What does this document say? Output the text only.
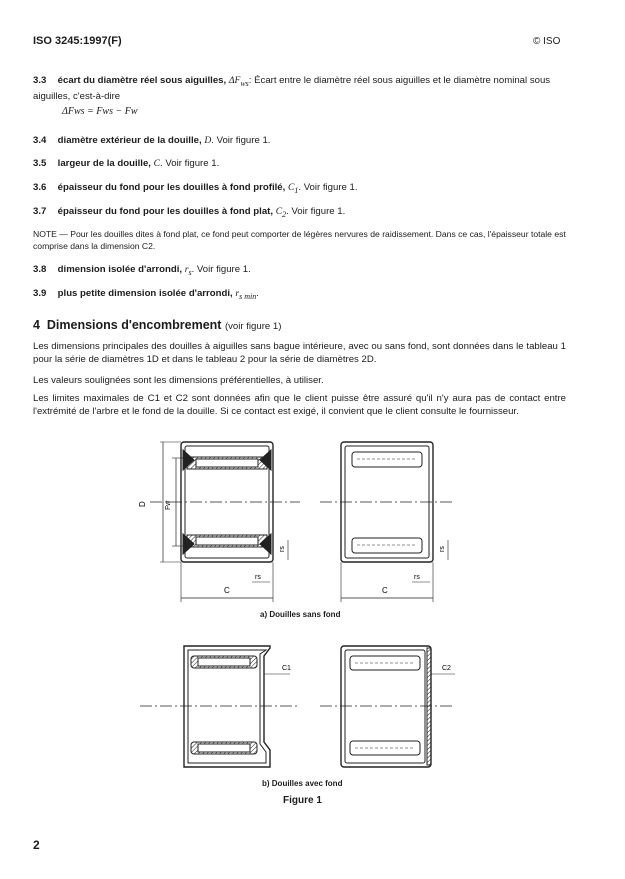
ISO 3245:1997(F)	© ISO
3.3 écart du diamètre réel sous aiguilles, $\Delta F_{ws}$: Écart entre le diamètre réel sous aiguilles et le diamètre nominal sous aiguilles, c'est-à-dire
ΔFws = Fws − Fw
3.4 diamètre extérieur de la douille, D. Voir figure 1.
3.5 largeur de la douille, C. Voir figure 1.
3.6 épaisseur du fond pour les douilles à fond profilé, $C_1$. Voir figure 1.
3.7 épaisseur du fond pour les douilles à fond plat, $C_2$. Voir figure 1.
NOTE — Pour les douilles dites à fond plat, ce fond peut comporter de légères nervures de raidissement. Dans ce cas, l'épaisseur totale est comprise dans la dimension C2.
3.8 dimension isolée d'arrondi, $r_s$. Voir figure 1.
3.9 plus petite dimension isolée d'arrondi, $r_{s min}$.
4 Dimensions d'encombrement (voir figure 1)
Les dimensions principales des douilles à aiguilles sans bague intérieure, avec ou sans fond, sont données dans le tableau 1 pour la série de diamètres 1D et dans le tableau 2 pour la série de diamètres 2D.
Les valeurs soulignées sont les dimensions préférentielles, à utiliser.
Les limites maximales de C1 et C2 sont données afin que le client puisse être assuré qu'il n'y aura pas de contact entre l'extrémité de l'arbre et le fond de la douille. Si ce contact est exigé, il convient que le client consulte le fournisseur.
D	Fw
C
rs
rs
C
rs
rs
C1	C2
a) Douilles sans fond
b) Douilles avec fond
Figure 1
2
